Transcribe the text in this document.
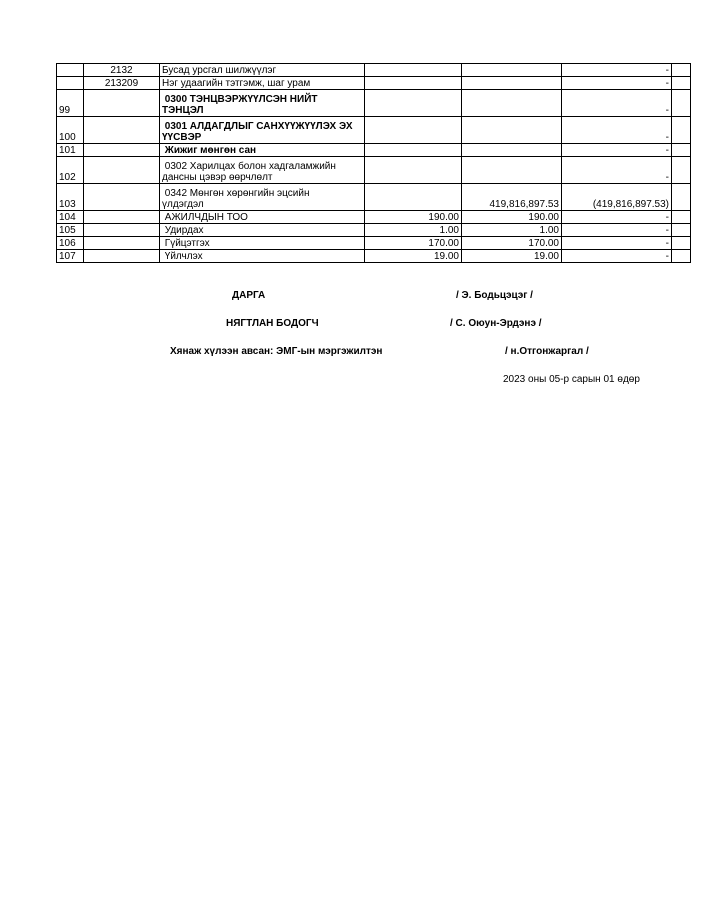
	2132	Бусад урсгал шилжүүлэг			-	
	213209	Нэг удаагийн тэтгэмж, шаг урам			-	
99		0300 ТЭНЦВЭРЖҮҮЛСЭН НИЙТ
ТЭНЦЭЛ			-	
100		0301 АЛДАГДЛЫГ САНХҮҮЖҮҮЛЭХ ЭХ
ҮҮСВЭР			-	
101		Жижиг мөнгөн сан			-	
102		0302 Харилцах болон хадгаламжийн
дансны цэвэр өөрчлөлт			-	
103		0342 Мөнгөн хөрөнгийн эцсийн
үлдэгдэл		419,816,897.53	(419,816,897.53)	
104		АЖИЛЧДЫН ТОО	190.00	190.00	-	
105		Удирдах	1.00	1.00	-	
106		Гүйцэтгэх	170.00	170.00	-	
107		Үйлчлэх	19.00	19.00	-	
ДАРГА	/ Э. Бодьцэцэг /
НЯГТЛАН БОДОГЧ	/ С. Оюун-Эрдэнэ /
Хянаж хүлээн авсан: ЭМГ-ын мэргэжилтэн	/ н.Отгонжаргал /
2023 оны 05-р сарын 01 өдөр
